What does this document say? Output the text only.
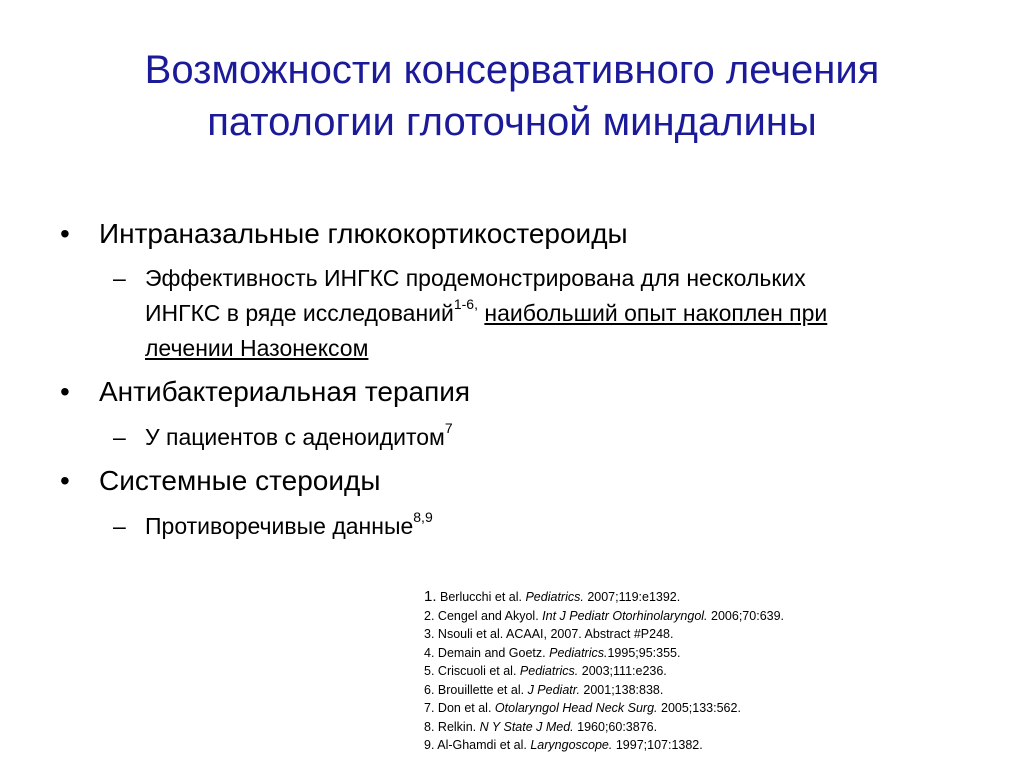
Возможности консервативного лечения
патологии глоточной миндалины
• Интраназальные глюкокортикостероиды
– Эффективность ИНГКС продемонстрирована для нескольких
ИНГКС в ряде исследований$^{1-6,}$ наибольший опыт накоплен при
лечении Назонексом
• Антибактериальная терапия
– У пациентов с аденоидитом$^7$
• Системные стероиды
– Противоречивые данные$^{8,9}$
1. Berlucchi et al. Pediatrics. 2007;119:e1392.
2. Cengel and Akyol. Int J Pediatr Otorhinolaryngol. 2006;70:639.
3. Nsouli et al. ACAAI, 2007. Abstract #P248.
4. Demain and Goetz. Pediatrics.1995;95:355.
5. Criscuoli et al. Pediatrics. 2003;111:e236.
6. Brouillette et al. J Pediatr. 2001;138:838.
7. Don et al. Otolaryngol Head Neck Surg. 2005;133:562.
8. Relkin. N Y State J Med. 1960;60:3876.
9. Al-Ghamdi et al. Laryngoscope. 1997;107:1382.
